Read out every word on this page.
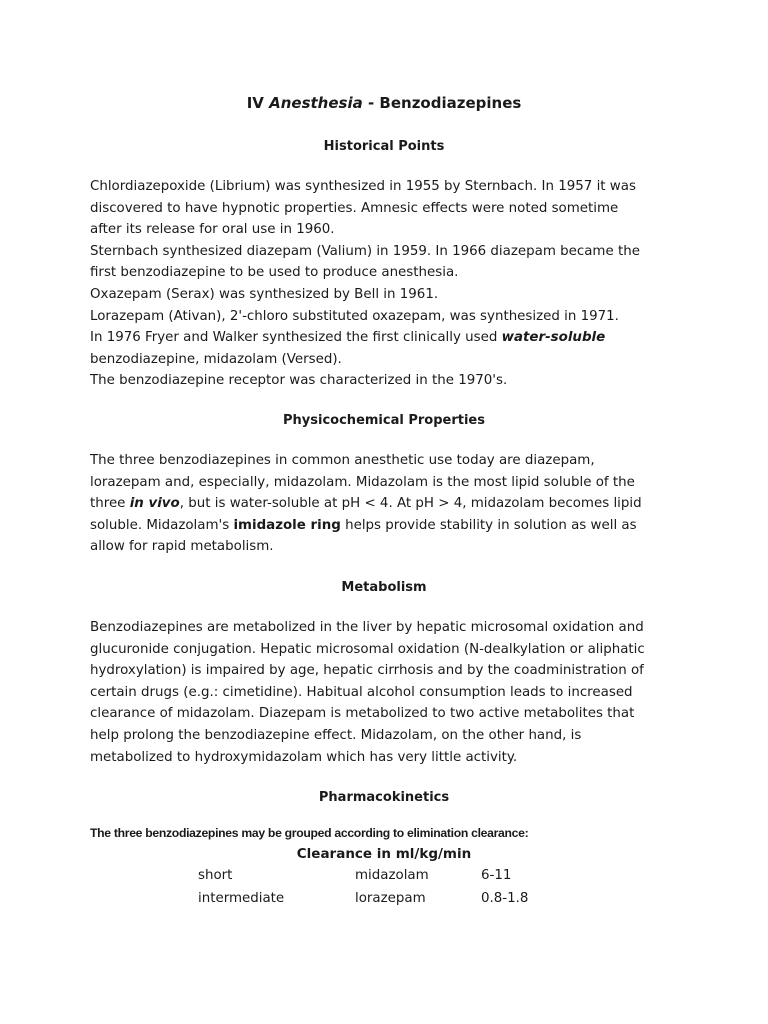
IV Anesthesia - Benzodiazepines
Historical Points
Chlordiazepoxide (Librium) was synthesized in 1955 by Sternbach. In 1957 it was
discovered to have hypnotic properties. Amnesic effects were noted sometime
after its release for oral use in 1960.
Sternbach synthesized diazepam (Valium) in 1959. In 1966 diazepam became the
first benzodiazepine to be used to produce anesthesia.
Oxazepam (Serax) was synthesized by Bell in 1961.
Lorazepam (Ativan), 2'-chloro substituted oxazepam, was synthesized in 1971.
In 1976 Fryer and Walker synthesized the first clinically used water-soluble
benzodiazepine, midazolam (Versed).
The benzodiazepine receptor was characterized in the 1970's.
Physicochemical Properties
The three benzodiazepines in common anesthetic use today are diazepam,
lorazepam and, especially, midazolam. Midazolam is the most lipid soluble of the
three in vivo, but is water-soluble at pH < 4. At pH > 4, midazolam becomes lipid
soluble. Midazolam's imidazole ring helps provide stability in solution as well as
allow for rapid metabolism.
Metabolism
Benzodiazepines are metabolized in the liver by hepatic microsomal oxidation and
glucuronide conjugation. Hepatic microsomal oxidation (N-dealkylation or aliphatic
hydroxylation) is impaired by age, hepatic cirrhosis and by the coadministration of
certain drugs (e.g.: cimetidine). Habitual alcohol consumption leads to increased
clearance of midazolam. Diazepam is metabolized to two active metabolites that
help prolong the benzodiazepine effect. Midazolam, on the other hand, is
metabolized to hydroxymidazolam which has very little activity.
Pharmacokinetics

The three benzodiazepines may be grouped according to elimination clearance:

Clearance in ml/kg/min
short	midazolam	6-11
intermediate	lorazepam	0.8-1.8
